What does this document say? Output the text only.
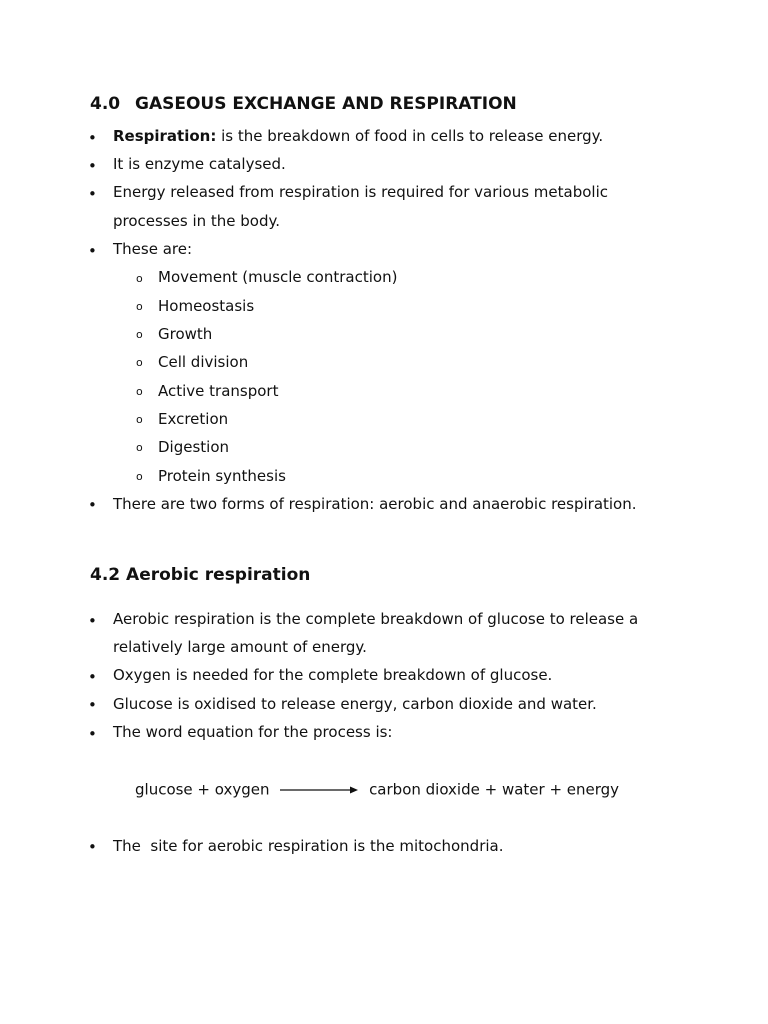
4.0 GASEOUS EXCHANGE AND RESPIRATION
• Respiration: is the breakdown of food in cells to release energy.
• It is enzyme catalysed.
• Energy released from respiration is required for various metabolic
processes in the body.
• These are:
o Movement (muscle contraction)
o Homeostasis
o Growth
o Cell division
o Active transport
o Excretion
o Digestion
o Protein synthesis
• There are two forms of respiration: aerobic and anaerobic respiration.
4.2 Aerobic respiration
• Aerobic respiration is the complete breakdown of glucose to release a
relatively large amount of energy.
• Oxygen is needed for the complete breakdown of glucose.
• Glucose is oxidised to release energy, carbon dioxide and water.
• The word equation for the process is:
glucose + oxygen	carbon dioxide + water + energy
• The  site for aerobic respiration is the mitochondria.
